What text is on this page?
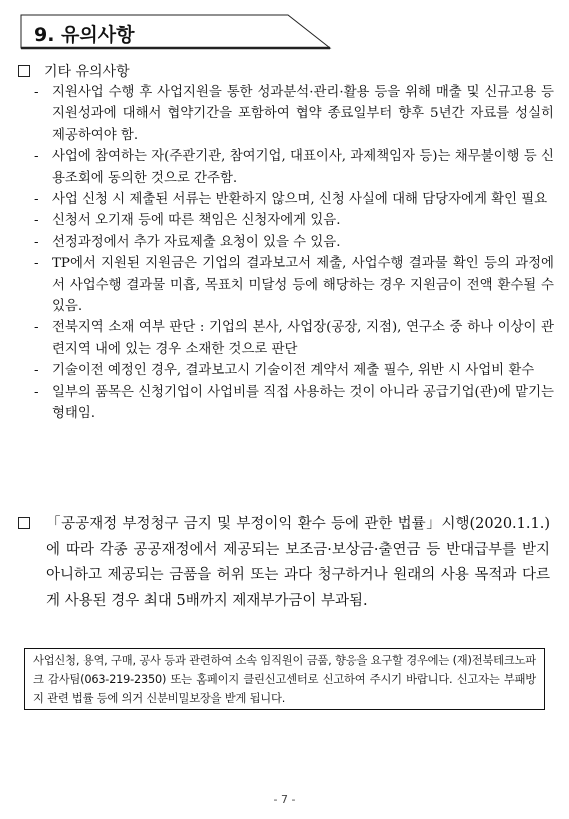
9. 유의사항
기타 유의사항
- 지원사업 수행 후 사업지원을 통한 성과분석·관리·활용 등을 위해 매출 및 신규고용 등 지원성과에 대해서 협약기간을 포함하여 협약 종료일부터 향후 5년간 자료를 성실히 제공하여야 함.
- 사업에 참여하는 자(주관기관, 참여기업, 대표이사, 과제책임자 등)는 채무불이행 등 신용조회에 동의한 것으로 간주함.
- 사업 신청 시 제출된 서류는 반환하지 않으며, 신청 사실에 대해 담당자에게 확인 필요
- 신청서 오기재 등에 따른 책임은 신청자에게 있음.
- 선정과정에서 추가 자료제출 요청이 있을 수 있음.
- TP에서 지원된 지원금은 기업의 결과보고서 제출, 사업수행 결과물 확인 등의 과정에서 사업수행 결과물 미흡, 목표치 미달성 등에 해당하는 경우 지원금이 전액 환수될 수 있음.
- 전북지역 소재 여부 판단 : 기업의 본사, 사업장(공장, 지점), 연구소 중 하나 이상이 관련지역 내에 있는 경우 소재한 것으로 판단
- 기술이전 예정인 경우, 결과보고시 기술이전 계약서 제출 필수, 위반 시 사업비 환수
- 일부의 품목은 신청기업이 사업비를 직접 사용하는 것이 아니라 공급기업(관)에 맡기는 형태임.
「공공재정 부정청구 금지 및 부정이익 환수 등에 관한 법률」시행(2020.1.1.)에 따라 각종 공공재정에서 제공되는 보조금·보상금·출연금 등 반대급부를 받지 아니하고 제공되는 금품을 허위 또는 과다 청구하거나 원래의 사용 목적과 다르게 사용된 경우 최대 5배까지 제재부가금이 부과됨.
사업신청, 용역, 구매, 공사 등과 관련하여 소속 임직원이 금품, 향응을 요구할 경우에는 (재)전북테크노파크 감사팀(063-219-2350) 또는 홈페이지 클린신고센터로 신고하여 주시기 바랍니다. 신고자는 부패방지 관련 법률 등에 의거 신분비밀보장을 받게 됩니다.
- 7 -
